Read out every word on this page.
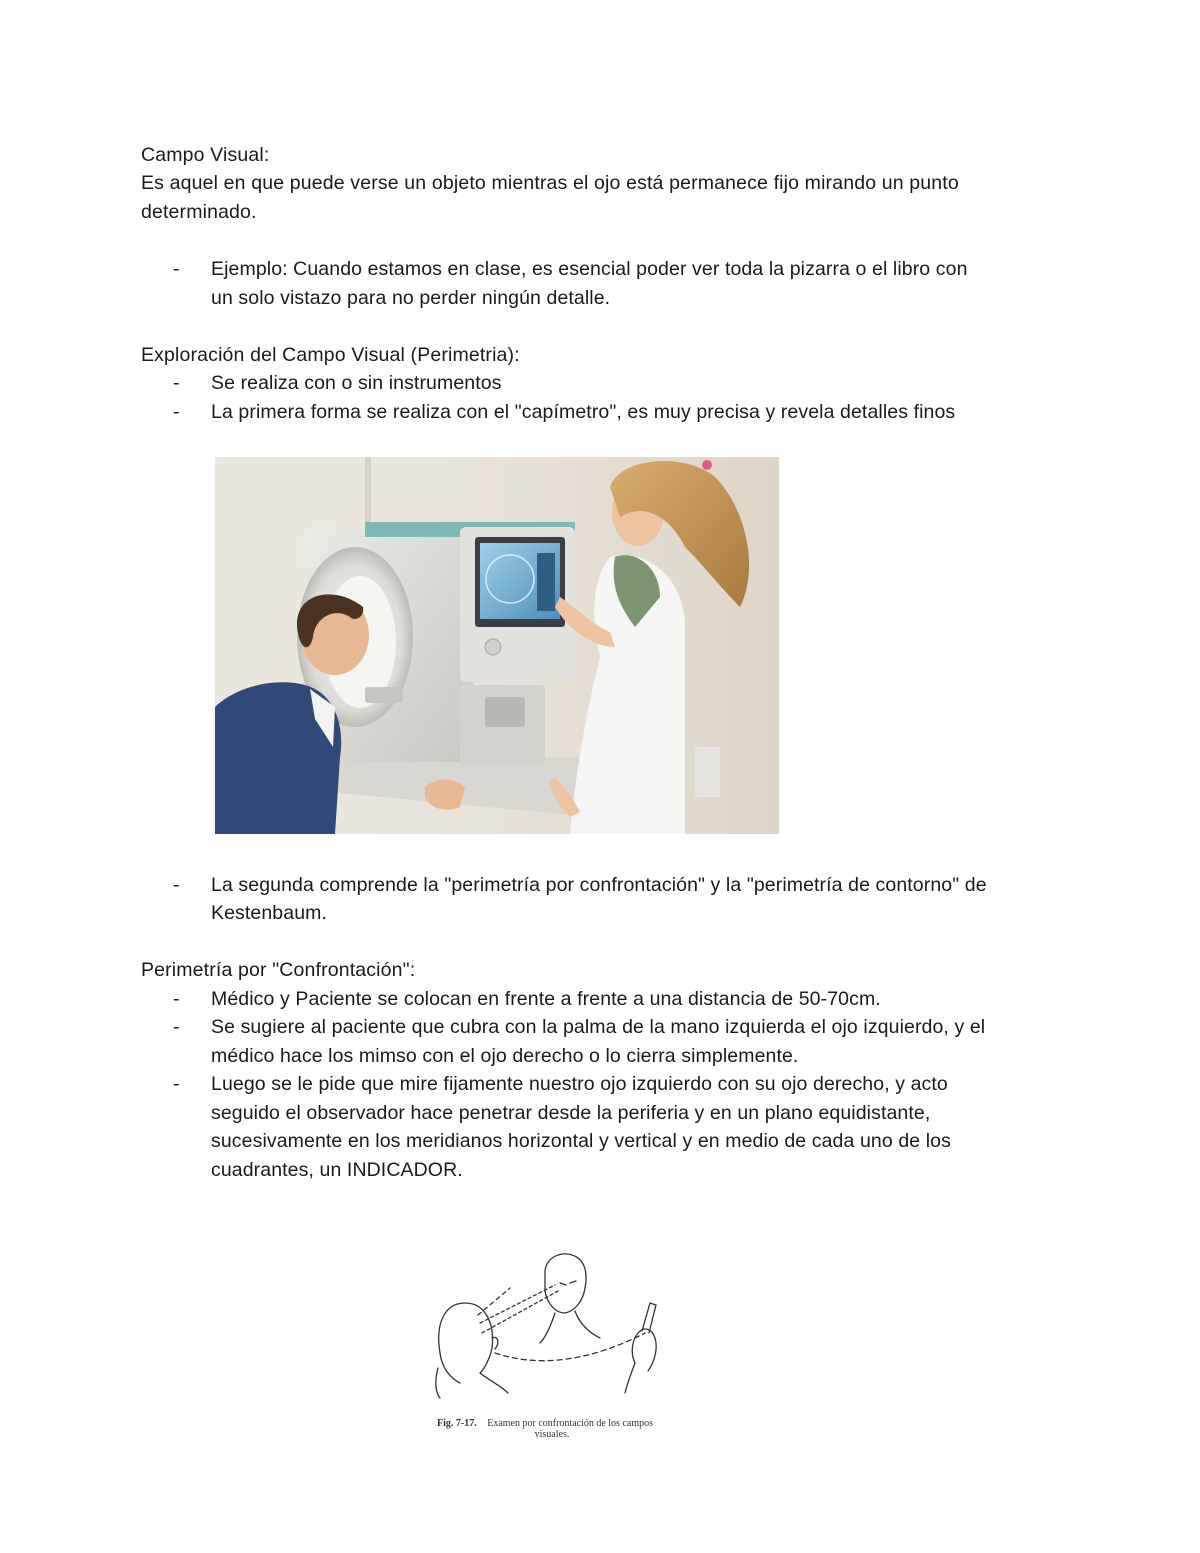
Campo Visual:
Es aquel en que puede verse un objeto mientras el ojo está permanece fijo mirando un punto
determinado.
- Ejemplo: Cuando estamos en clase, es esencial poder ver toda la pizarra o el libro con
un solo vistazo para no perder ningún detalle.
Exploración del Campo Visual (Perimetria):
- Se realiza con o sin instrumentos
- La primera forma se realiza con el "capímetro", es muy precisa y revela detalles finos
- La segunda comprende la "perimetría por confrontación" y la "perimetría de contorno" de
Kestenbaum.
Perimetría por "Confrontación":
- Médico y Paciente se colocan en frente a frente a una distancia de 50-70cm.
- Se sugiere al paciente que cubra con la palma de la mano izquierda el ojo izquierdo, y el
médico hace los mimso con el ojo derecho o lo cierra simplemente.
- Luego se le pide que mire fijamente nuestro ojo izquierdo con su ojo derecho, y acto
seguido el observador hace penetrar desde la periferia y en un plano equidistante,
sucesivamente en los meridianos horizontal y vertical y en medio de cada uno de los
cuadrantes, un INDICADOR.
Fig. 7-17. Examen por confrontación de los campos
visuales.
